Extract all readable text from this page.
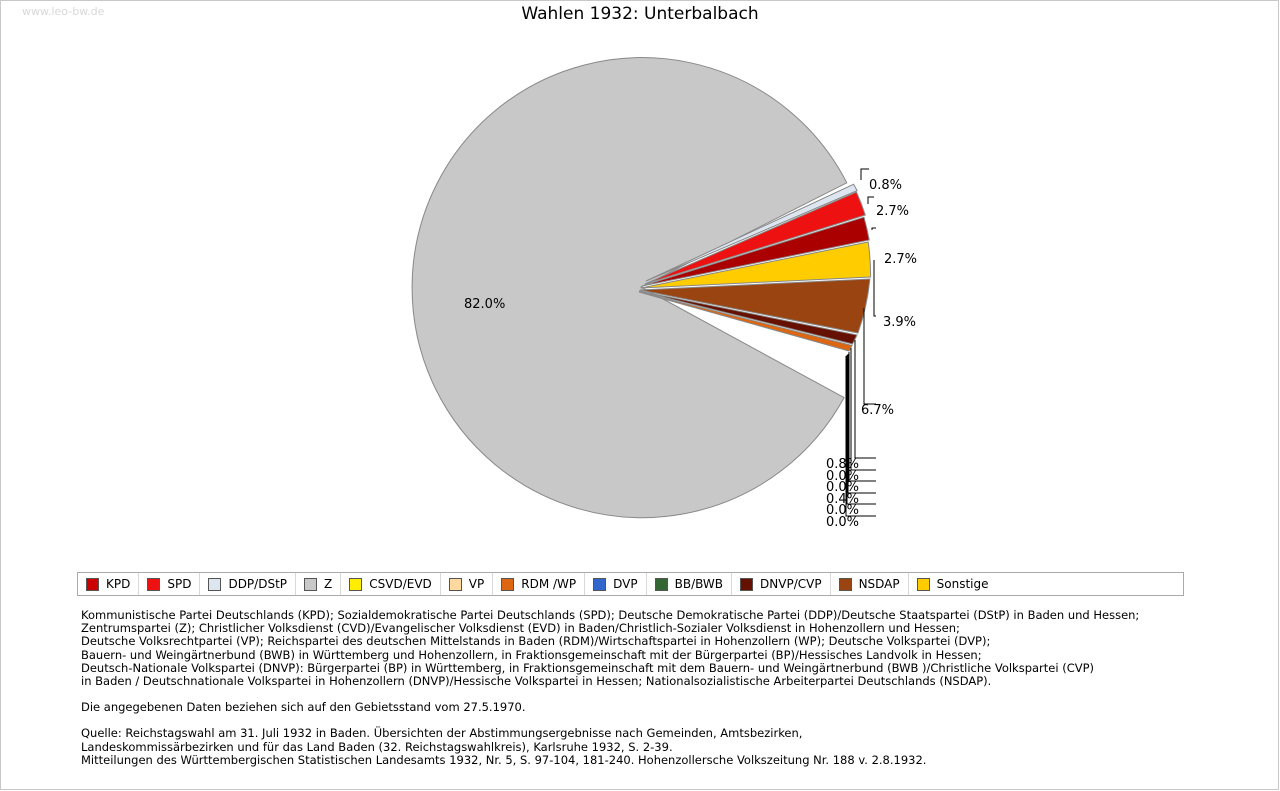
www.leo-bw.de	Wahlen 1932: Unterbalbach
82.0%
0.8%
2.7%
2.7%
3.9%
6.7%
0.8%
0.0%
0.0%
0.4%
0.0%
0.0%
KPD	SPD	DDP/DStP	Z	CSVD/EVD	VP	RDM /WP	DVP	BB/BWB	DNVP/CVP	NSDAP	Sonstige

Kommunistische Partei Deutschlands (KPD); Sozialdemokratische Partei Deutschlands (SPD); Deutsche Demokratische Partei (DDP)/Deutsche Staatspartei (DStP) in Baden und Hessen;

Zentrumspartei (Z); Christlicher Volksdienst (CVD)/Evangelischer Volksdienst (EVD) in Baden/Christlich-Sozialer Volksdienst in Hohenzollern und Hessen;

Deutsche Volksrechtpartei (VP); Reichspartei des deutschen Mittelstands in Baden (RDM)/Wirtschaftspartei in Hohenzollern (WP); Deutsche Volkspartei (DVP);

Bauern- und Weingärtnerbund (BWB) in Württemberg und Hohenzollern, in Fraktionsgemeinschaft mit der Bürgerpartei (BP)/Hessisches Landvolk in Hessen;

Deutsch-Nationale Volkspartei (DNVP): Bürgerpartei (BP) in Württemberg, in Fraktionsgemeinschaft mit dem Bauern- und Weingärtnerbund (BWB )/Christliche Volkspartei (CVP)

in Baden / Deutschnationale Volkspartei in Hohenzollern (DNVP)/Hessische Volkspartei in Hessen; Nationalsozialistische Arbeiterpartei Deutschlands (NSDAP).

Die angegebenen Daten beziehen sich auf den Gebietsstand vom 27.5.1970.

Quelle: Reichstagswahl am 31. Juli 1932 in Baden. Übersichten der Abstimmungsergebnisse nach Gemeinden, Amtsbezirken,

Landeskommissärbezirken und für das Land Baden (32. Reichstagswahlkreis), Karlsruhe 1932, S. 2-39.

Mitteilungen des Württembergischen Statistischen Landesamts 1932, Nr. 5, S. 97-104, 181-240. Hohenzollersche Volkszeitung Nr. 188 v. 2.8.1932.
